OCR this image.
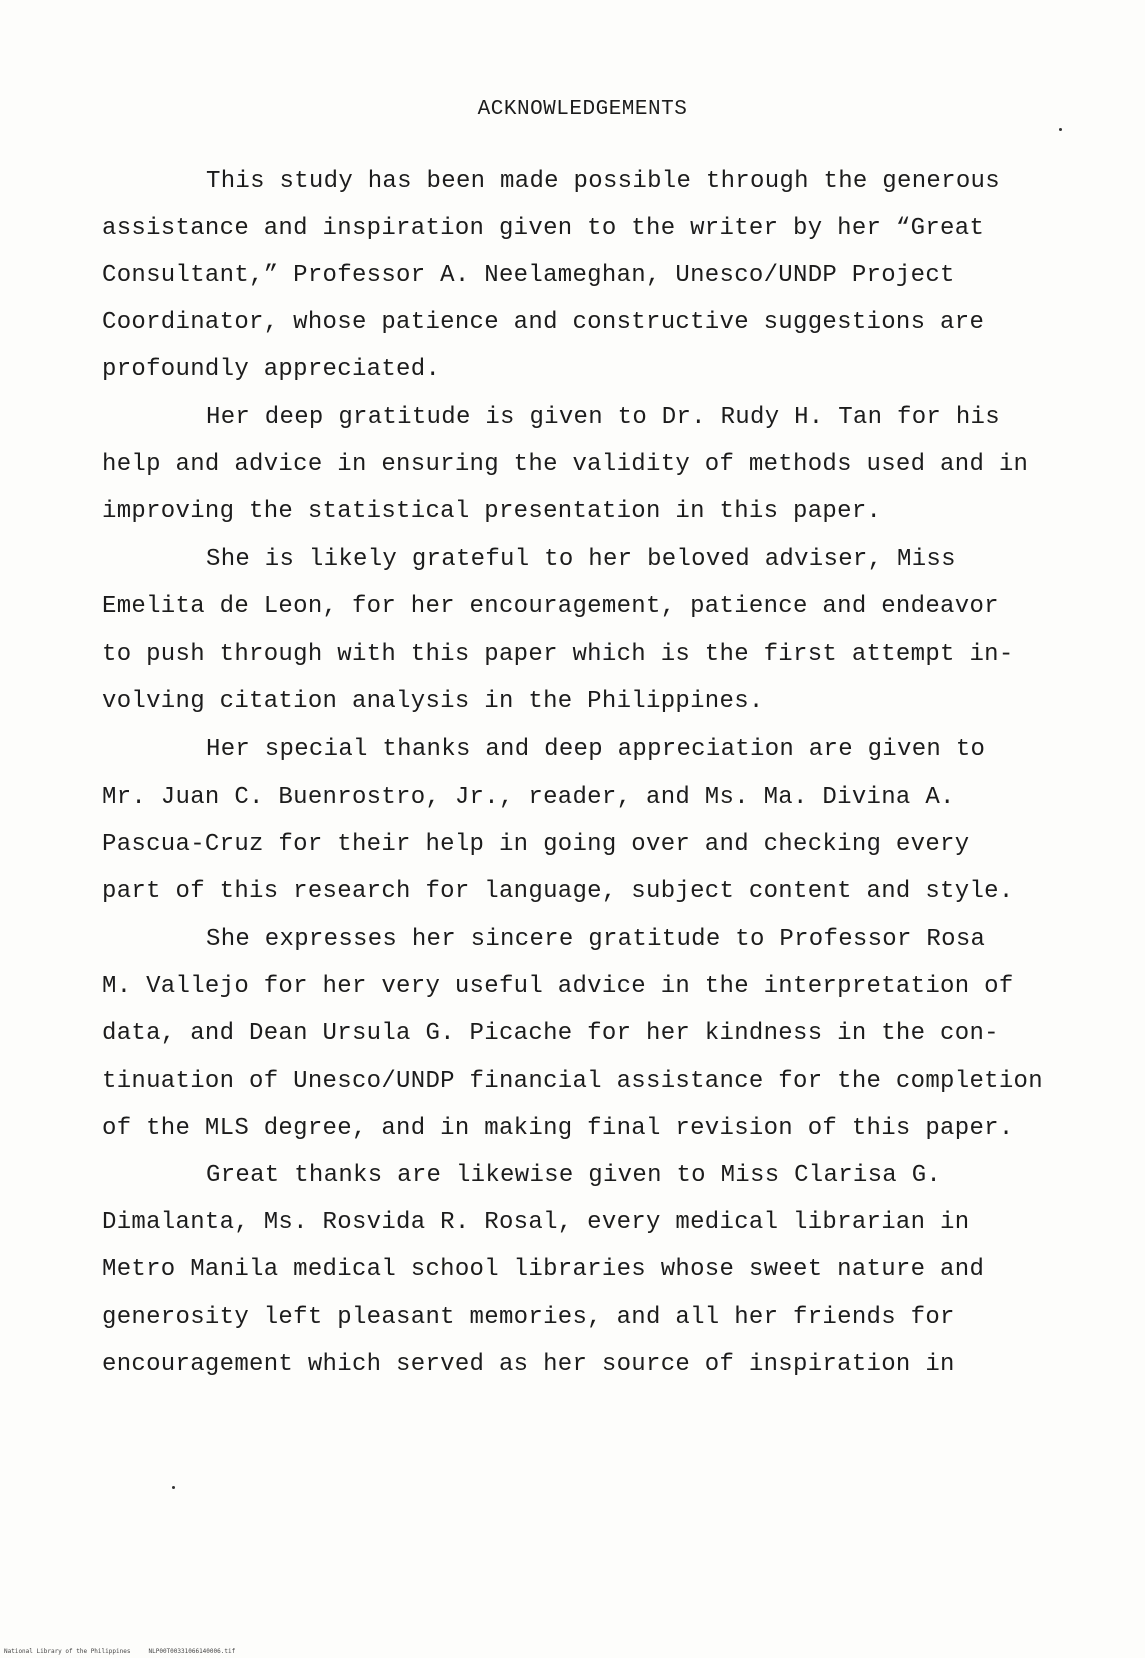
ACKNOWLEDGEMENTS
This study has been made possible through the generous
assistance and inspiration given to the writer by her “Great
Consultant,” Professor A. Neelameghan, Unesco/UNDP Project
Coordinator, whose patience and constructive suggestions are
profoundly appreciated.
Her deep gratitude is given to Dr. Rudy H. Tan for his
help and advice in ensuring the validity of methods used and in
improving the statistical presentation in this paper.
She is likely grateful to her beloved adviser, Miss
Emelita de Leon, for her encouragement, patience and endeavor
to push through with this paper which is the first attempt in-
volving citation analysis in the Philippines.
Her special thanks and deep appreciation are given to
Mr. Juan C. Buenrostro, Jr., reader, and Ms. Ma. Divina A.
Pascua-Cruz for their help in going over and checking every
part of this research for language, subject content and style.
She expresses her sincere gratitude to Professor Rosa
M. Vallejo for her very useful advice in the interpretation of
data, and Dean Ursula G. Picache for her kindness in the con-
tinuation of Unesco/UNDP financial assistance for the completion
of the MLS degree, and in making final revision of this paper.
Great thanks are likewise given to Miss Clarisa G.
Dimalanta, Ms. Rosvida R. Rosal, every medical librarian in
Metro Manila medical school libraries whose sweet nature and
generosity left pleasant memories, and all her friends for
encouragement which served as her source of inspiration in
National Library of the Philippines     NLP00T00331066140006.tif
